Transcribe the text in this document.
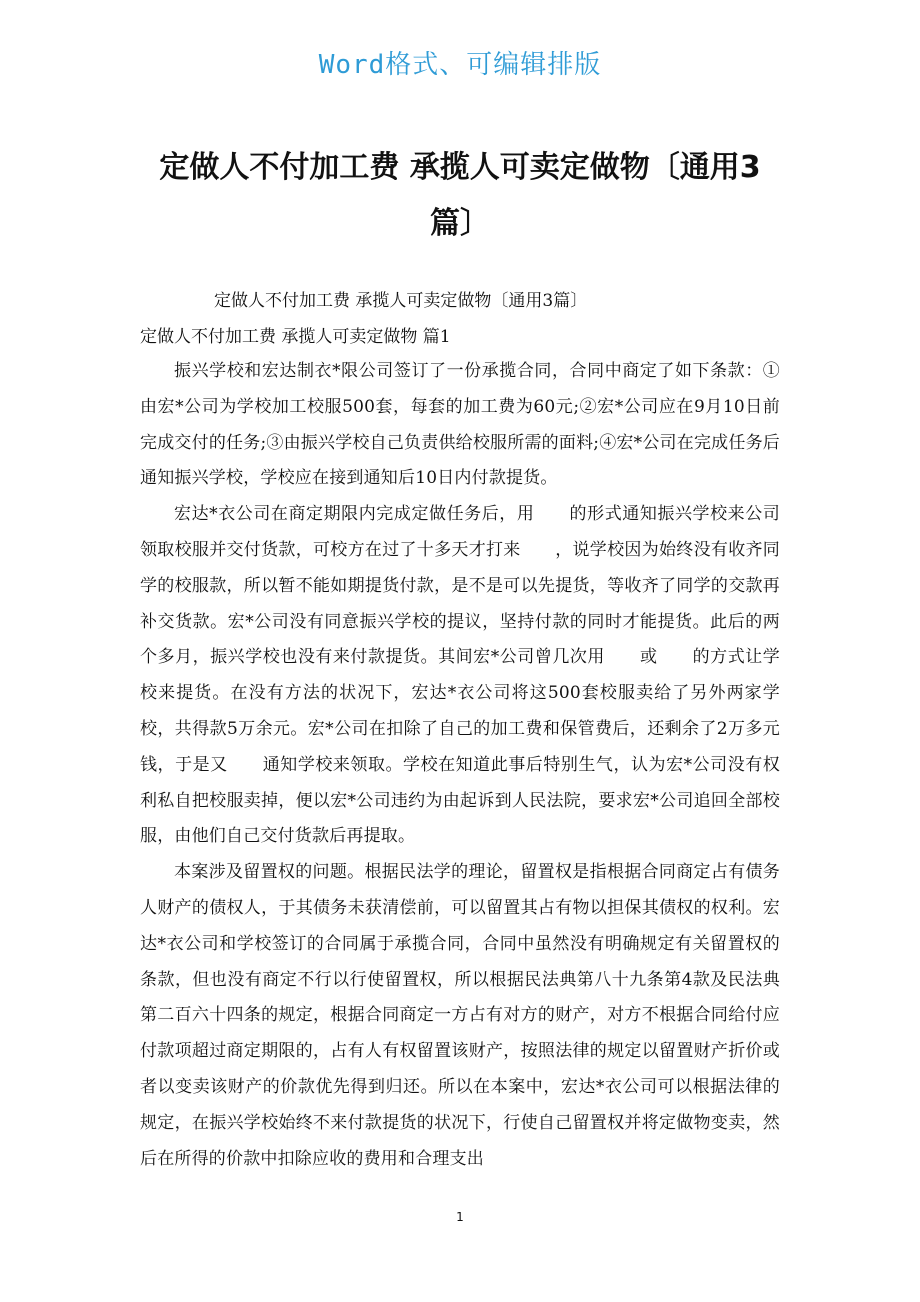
Word格式、可编辑排版
定做人不付加工费 承揽人可卖定做物〔通用3篇〕
定做人不付加工费 承揽人可卖定做物〔通用3篇〕
定做人不付加工费 承揽人可卖定做物 篇1

振兴学校和宏达制衣*限公司签订了一份承揽合同，合同中商定了如下条款：①由宏*公司为学校加工校服500套，每套的加工费为60元;②宏*公司应在9月10日前完成交付的任务;③由振兴学校自己负责供给校服所需的面料;④宏*公司在完成任务后通知振兴学校，学校应在接到通知后10日内付款提货。

宏达*衣公司在商定期限内完成定做任务后，用　　的形式通知振兴学校来公司领取校服并交付货款，可校方在过了十多天才打来　　，说学校因为始终没有收齐同学的校服款，所以暂不能如期提货付款，是不是可以先提货，等收齐了同学的交款再补交货款。宏*公司没有同意振兴学校的提议，坚持付款的同时才能提货。此后的两个多月，振兴学校也没有来付款提货。其间宏*公司曾几次用　　或　　的方式让学校来提货。在没有方法的状况下，宏达*衣公司将这500套校服卖给了另外两家学校，共得款5万余元。宏*公司在扣除了自己的加工费和保管费后，还剩余了2万多元钱，于是又　　通知学校来领取。学校在知道此事后特别生气，认为宏*公司没有权利私自把校服卖掉，便以宏*公司违约为由起诉到人民法院，要求宏*公司追回全部校服，由他们自己交付货款后再提取。

本案涉及留置权的问题。根据民法学的理论，留置权是指根据合同商定占有债务人财产的债权人，于其债务未获清偿前，可以留置其占有物以担保其债权的权利。宏达*衣公司和学校签订的合同属于承揽合同，合同中虽然没有明确规定有关留置权的条款，但也没有商定不行以行使留置权，所以根据民法典第八十九条第4款及民法典第二百六十四条的规定，根据合同商定一方占有对方的财产，对方不根据合同给付应付款项超过商定期限的，占有人有权留置该财产，按照法律的规定以留置财产折价或者以变卖该财产的价款优先得到归还。所以在本案中，宏达*衣公司可以根据法律的规定，在振兴学校始终不来付款提货的状况下，行使自己留置权并将定做物变卖，然后在所得的价款中扣除应收的费用和合理支出

1
